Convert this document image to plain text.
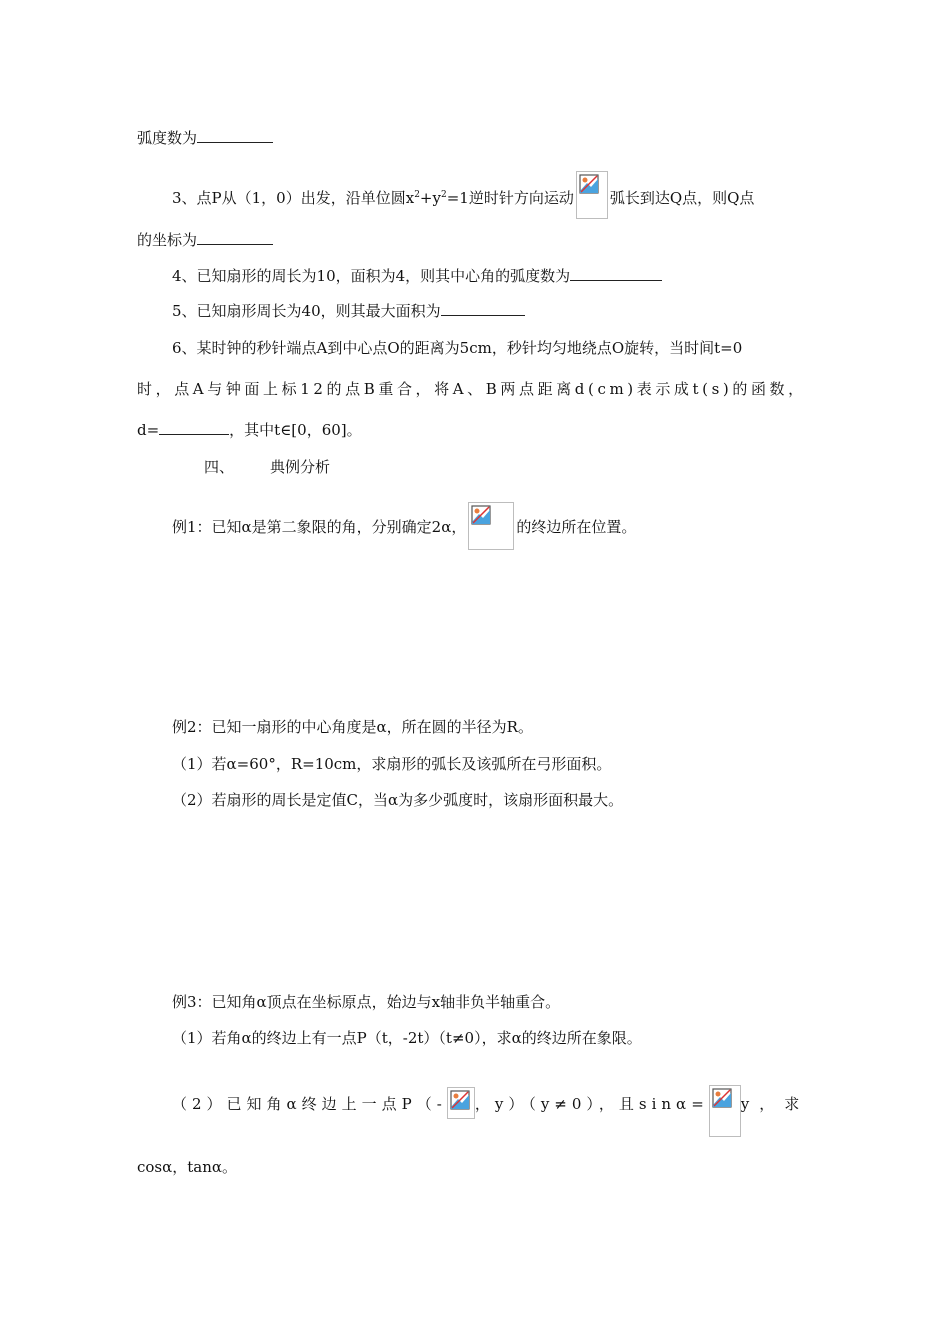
弧度数为
3、点P从（1，0）出发，沿单位圆$x^2+y^2=1$逆时针方向运动 弧长到达Q点，则Q点
的坐标为
4、已知扇形的周长为10，面积为4，则其中心角的弧度数为
5、已知扇形周长为40，则其最大面积为
6、某时钟的秒针端点A到中心点O的距离为5cm，秒针均匀地绕点O旋转，当时间t=0
时，点A与钟面上标12的点B重合，将A、B两点距离d(cm)表示成t(s)的函数，
d=	，其中t∈[0，60]。
四、 典例分析
例1：已知α是第二象限的角，分别确定2α，	的终边所在位置。
例2：已知一扇形的中心角度是α，所在圆的半径为R。
（1）若α=60°，R=10cm，求扇形的弧长及该弧所在弓形面积。
（2）若扇形的周长是定值C，当α为多少弧度时，该扇形面积最大。
例3：已知角α顶点在坐标原点，始边与x轴非负半轴重合。
（1）若角α的终边上有一点P（t，-2t）（t≠0），求α的终边所在象限。
（2）已知角α终边上一点P（- ，y）（y≠0），且sinα= y，求
cosα，tanα。
